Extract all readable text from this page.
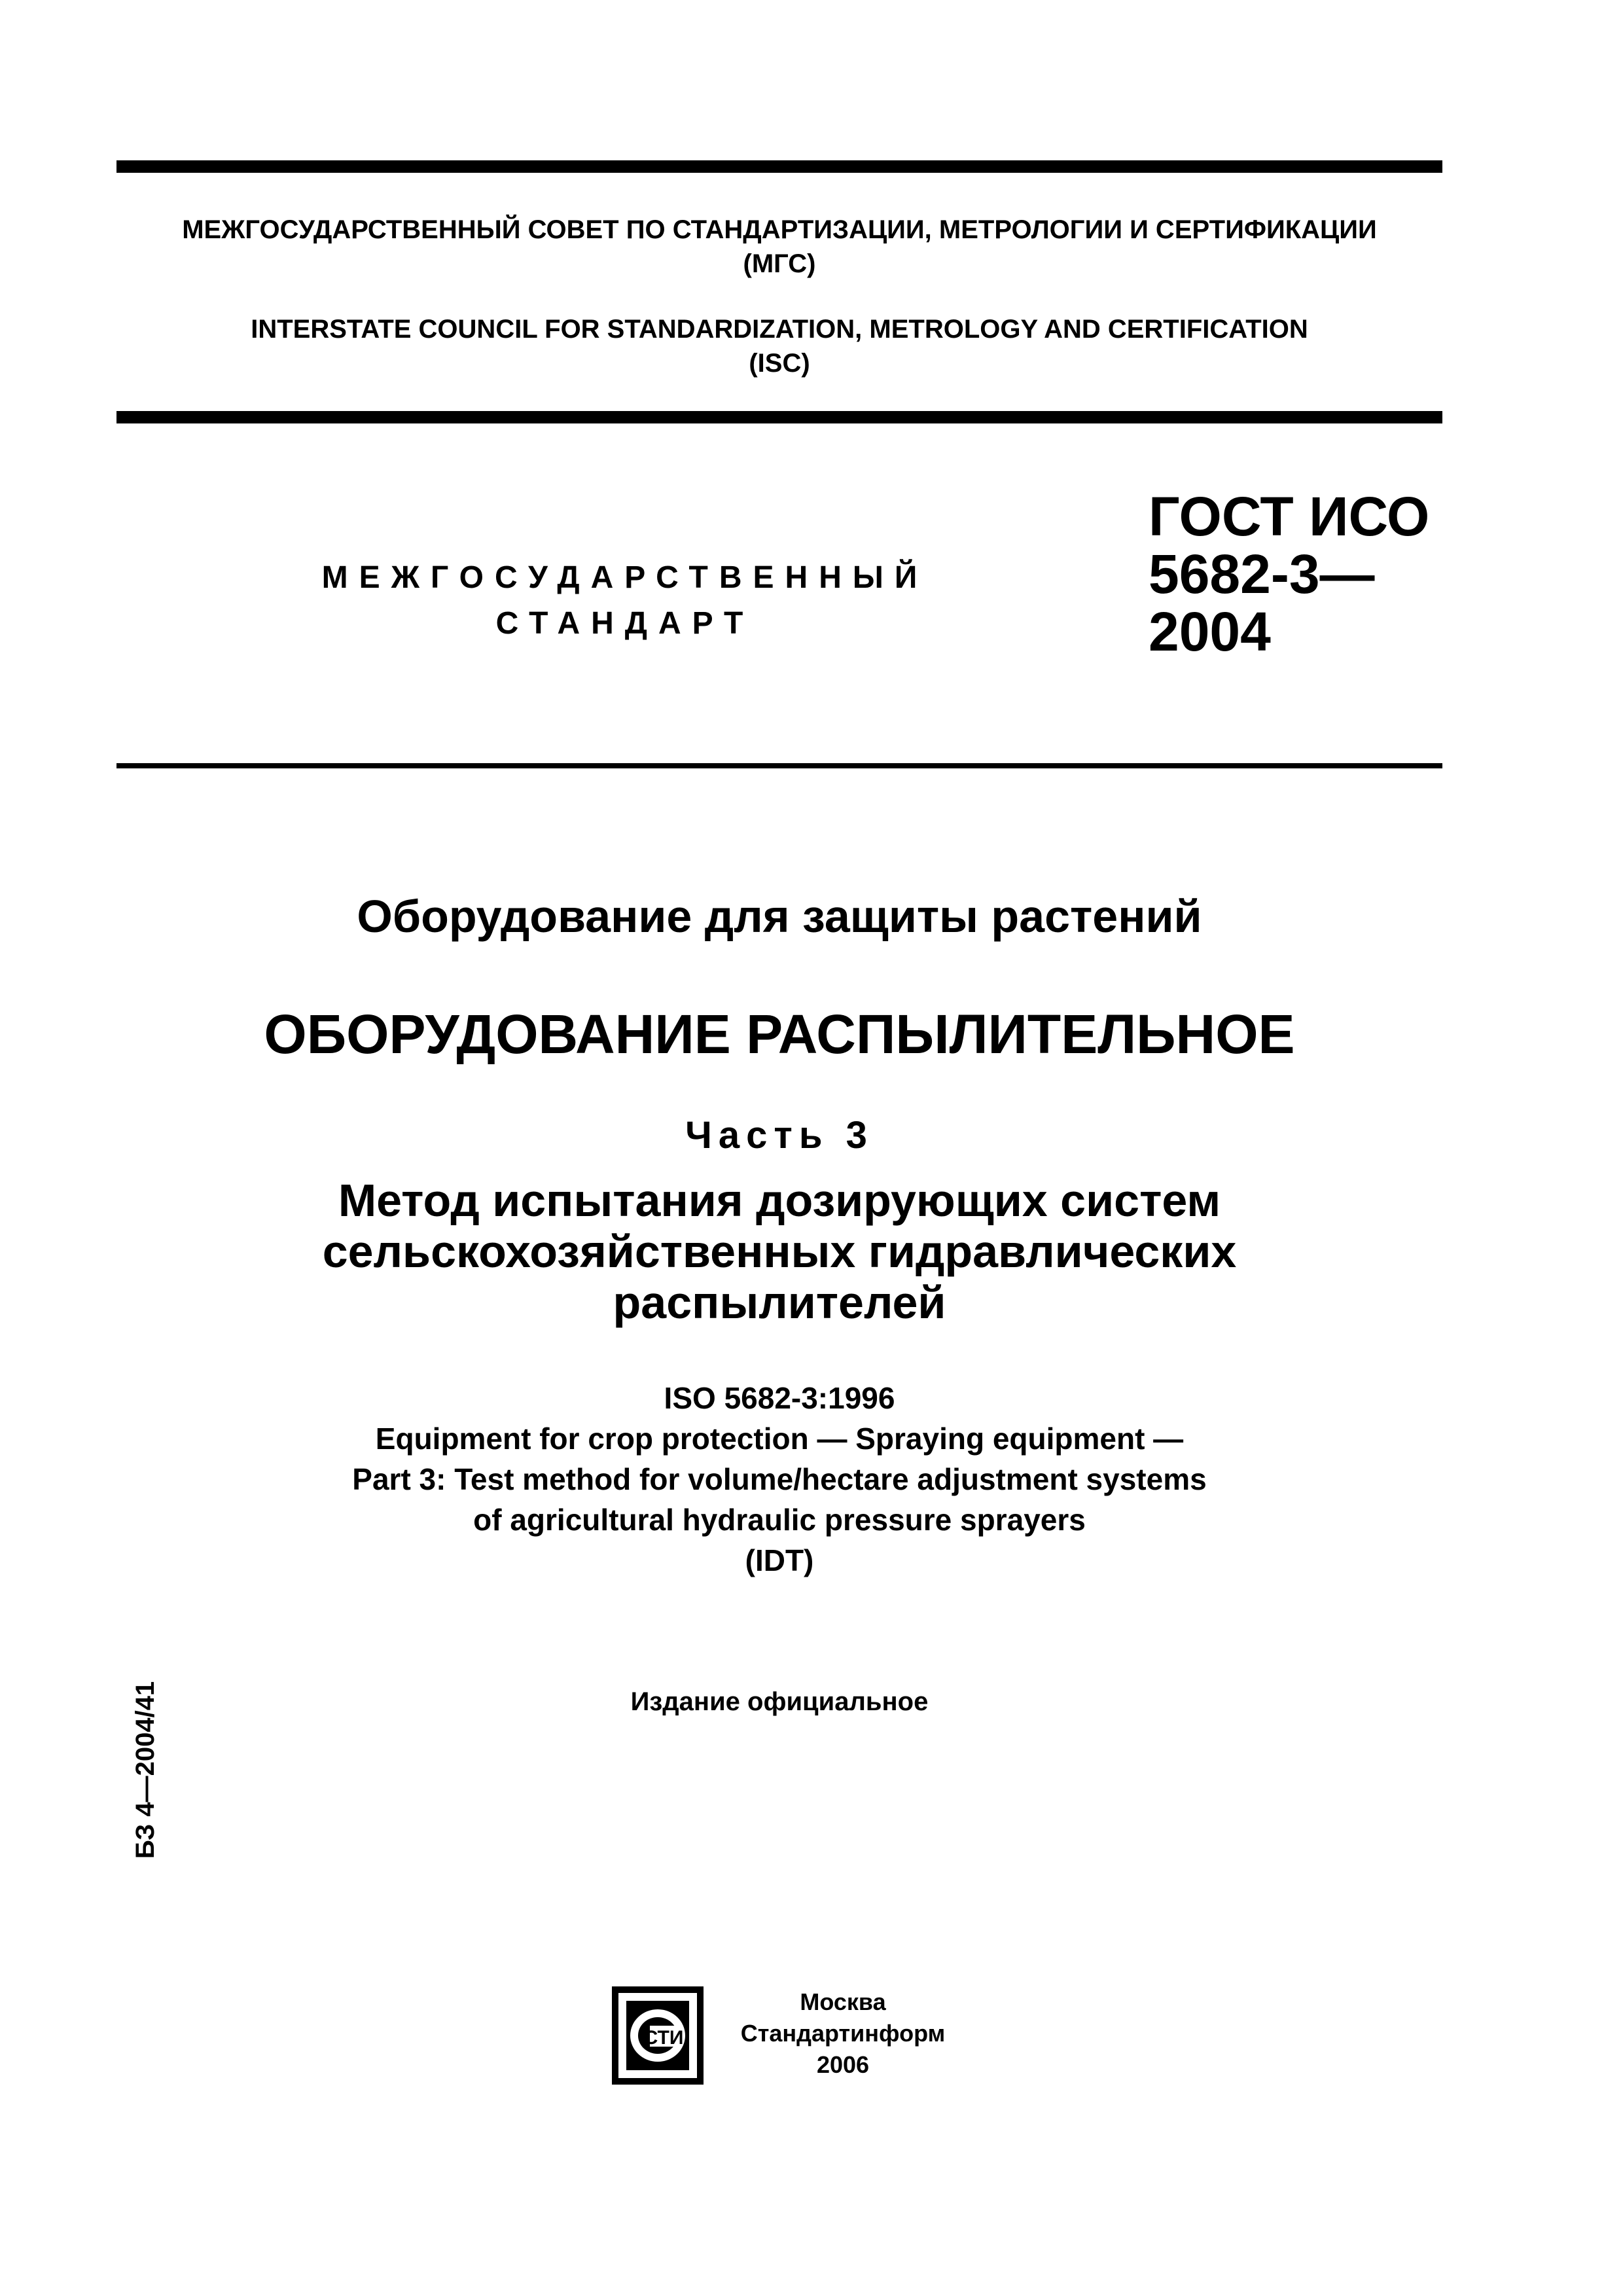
МЕЖГОСУДАРСТВЕННЫЙ СОВЕТ ПО СТАНДАРТИЗАЦИИ, МЕТРОЛОГИИ И СЕРТИФИКАЦИИ
(МГС)
INTERSTATE COUNCIL FOR STANDARDIZATION, METROLOGY AND CERTIFICATION
(ISC)
МЕЖГОСУДАРСТВЕННЫЙ
СТАНДАРТ
ГОСТ ИСО
5682-3—
2004
Оборудование для защиты растений
ОБОРУДОВАНИЕ РАСПЫЛИТЕЛЬНОЕ
Часть 3
Метод испытания дозирующих систем
сельскохозяйственных гидравлических
распылителей
ISO 5682-3:1996
Equipment for crop protection — Spraying equipment —
Part 3: Test method for volume/hectare adjustment systems
of agricultural hydraulic pressure sprayers
(IDT)
БЗ 4—2004/41	Издание официальное
СТИ
Москва
Стандартинформ
2006
